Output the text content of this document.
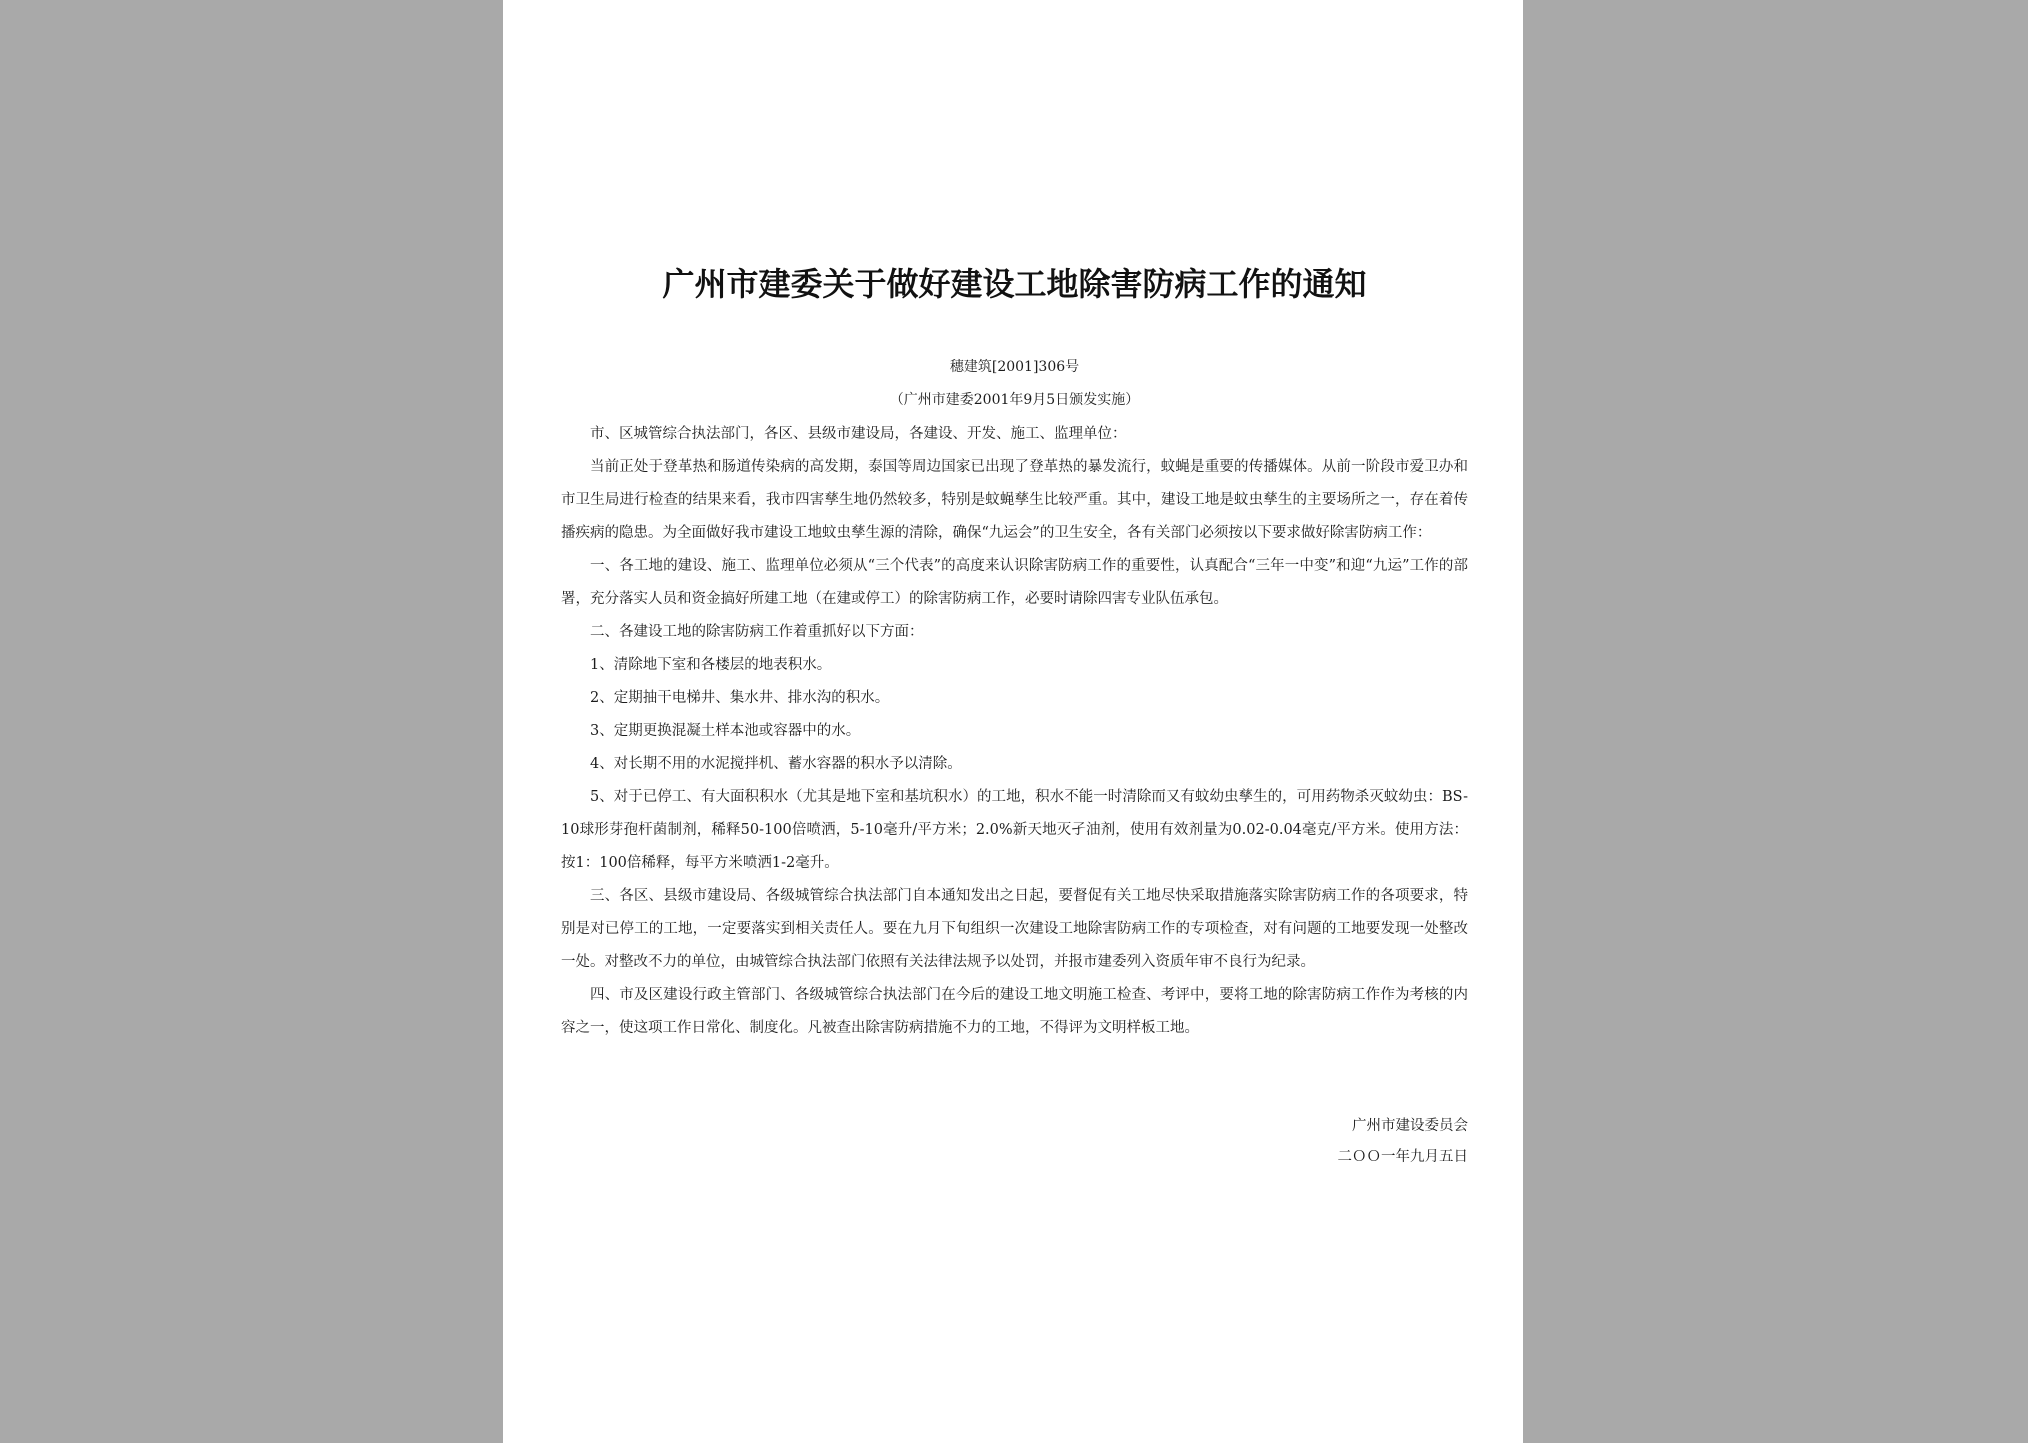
广州市建委关于做好建设工地除害防病工作的通知
穗建筑[2001]306号
（广州市建委2001年9月5日颁发实施）

市、区城管综合执法部门，各区、县级市建设局，各建设、开发、施工、监理单位：

当前正处于登革热和肠道传染病的高发期，泰国等周边国家已出现了登革热的暴发流行，蚊蝇是重要的传播媒体。从前一阶段市爱卫办和市卫生局进行检查的结果来看，我市四害孳生地仍然较多，特别是蚊蝇孳生比较严重。其中，建设工地是蚊虫孳生的主要场所之一，存在着传播疾病的隐患。为全面做好我市建设工地蚊虫孳生源的清除，确保“九运会”的卫生安全，各有关部门必须按以下要求做好除害防病工作：

一、各工地的建设、施工、监理单位必须从“三个代表”的高度来认识除害防病工作的重要性，认真配合“三年一中变”和迎“九运”工作的部署，充分落实人员和资金搞好所建工地（在建或停工）的除害防病工作，必要时请除四害专业队伍承包。

二、各建设工地的除害防病工作着重抓好以下方面：

1、清除地下室和各楼层的地表积水。

2、定期抽干电梯井、集水井、排水沟的积水。

3、定期更换混凝土样本池或容器中的水。

4、对长期不用的水泥搅拌机、蓄水容器的积水予以清除。

5、对于已停工、有大面积积水（尤其是地下室和基坑积水）的工地，积水不能一时清除而又有蚊幼虫孳生的，可用药物杀灭蚊幼虫：BS-10球形芽孢杆菌制剂，稀释50-100倍喷洒，5-10毫升/平方米；2.0%新天地灭孑油剂，使用有效剂量为0.02-0.04毫克/平方米。使用方法：按1：100倍稀释，每平方米喷洒1-2毫升。

三、各区、县级市建设局、各级城管综合执法部门自本通知发出之日起，要督促有关工地尽快采取措施落实除害防病工作的各项要求，特别是对已停工的工地，一定要落实到相关责任人。要在九月下旬组织一次建设工地除害防病工作的专项检查，对有问题的工地要发现一处整改一处。对整改不力的单位，由城管综合执法部门依照有关法律法规予以处罚，并报市建委列入资质年审不良行为纪录。

四、市及区建设行政主管部门、各级城管综合执法部门在今后的建设工地文明施工检查、考评中，要将工地的除害防病工作作为考核的内容之一，使这项工作日常化、制度化。凡被查出除害防病措施不力的工地，不得评为文明样板工地。

广州市建设委员会
二ＯＯ一年九月五日
